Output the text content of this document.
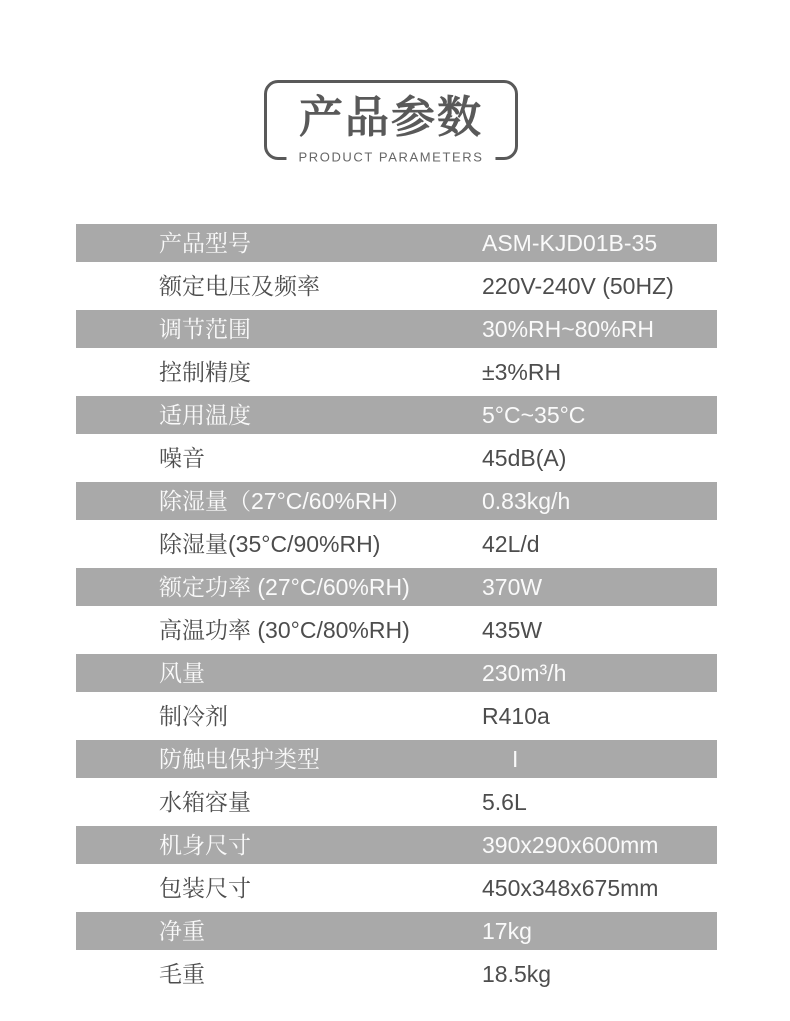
产品参数
PRODUCT PARAMETERS
产品型号	ASM-KJD01B-35
额定电压及频率	220V-240V (50HZ)
调节范围	30%RH~80%RH
控制精度	±3%RH
适用温度	5°C~35°C
噪音	45dB(A)
除湿量（27°C/60%RH）	0.83kg/h
除湿量(35°C/90%RH)	42L/d
额定功率 (27°C/60%RH)	370W
高温功率 (30°C/80%RH)	435W
风量	230m³/h
制冷剂	R410a
防触电保护类型	I
水箱容量	5.6L
机身尺寸	390x290x600mm
包装尺寸	450x348x675mm
净重	17kg
毛重	18.5kg
